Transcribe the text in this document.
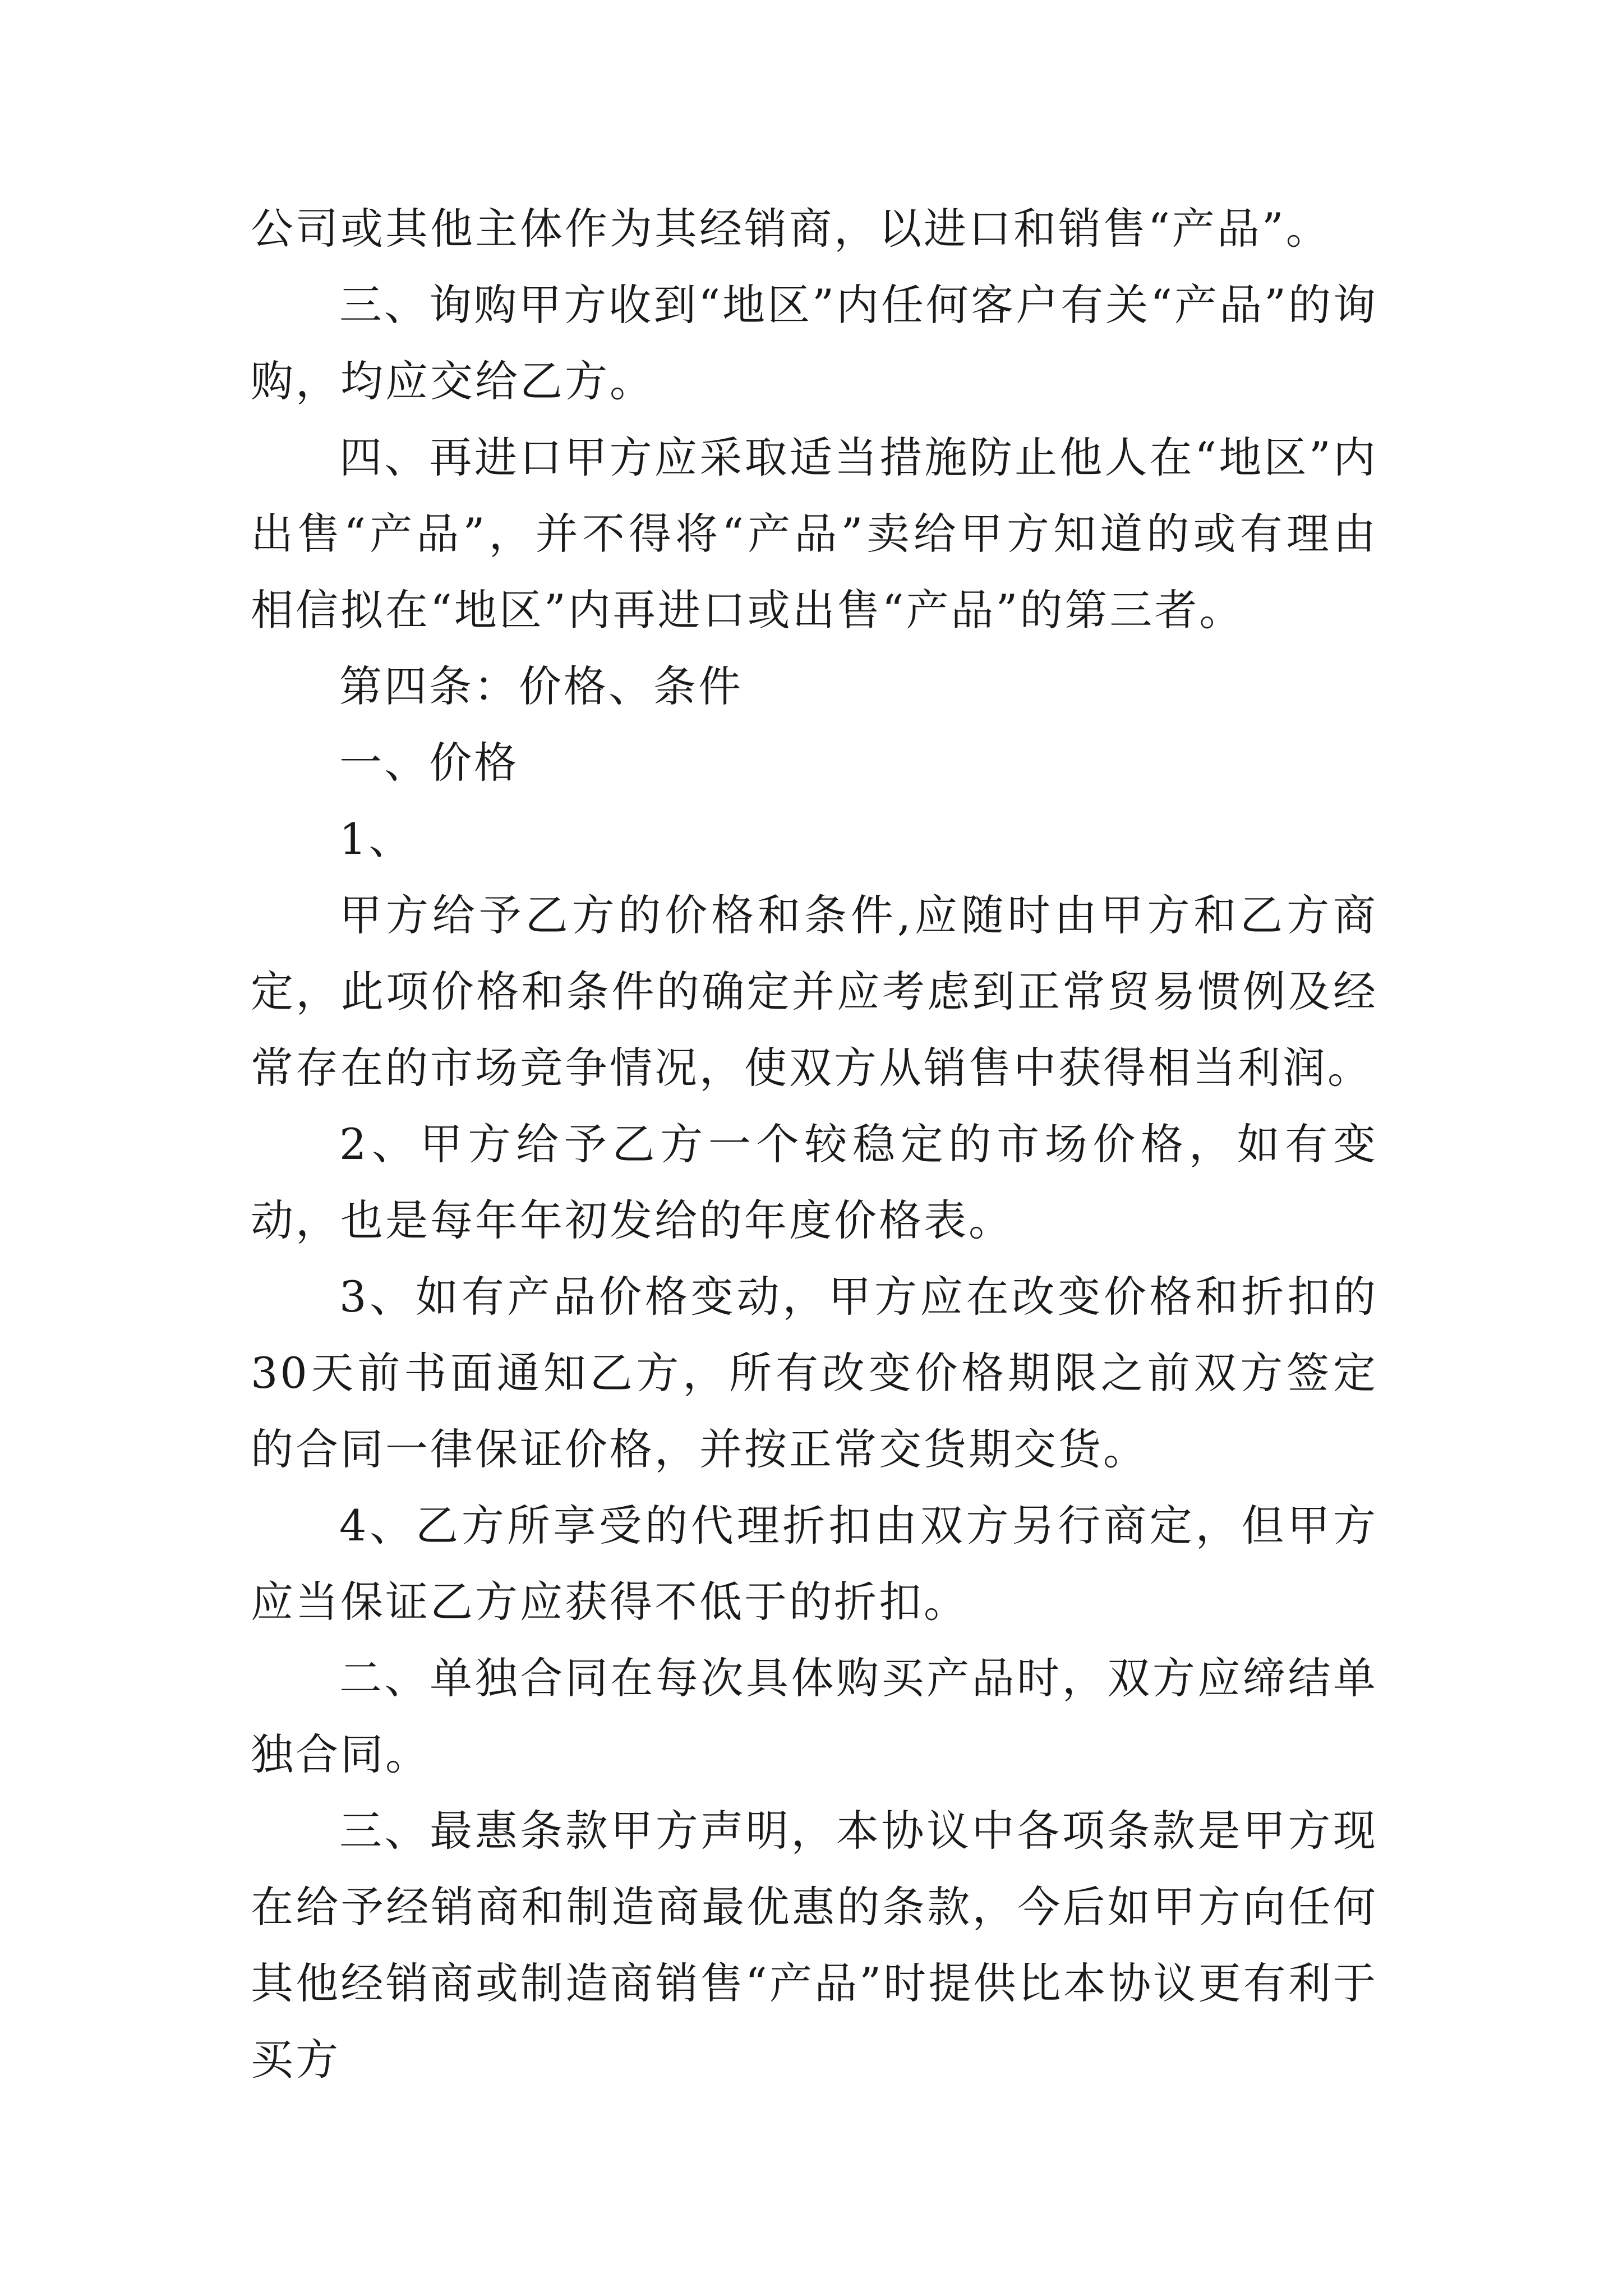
公司或其他主体作为其经销商，以进口和销售“产品”。

三、询购甲方收到“地区”内任何客户有关“产品”的询购，均应交给乙方。

四、再进口甲方应采取适当措施防止他人在“地区”内出售“产品”，并不得将“产品”卖给甲方知道的或有理由相信拟在“地区”内再进口或出售“产品”的第三者。

第四条：价格、条件

一、价格

1、

甲方给予乙方的价格和条件,应随时由甲方和乙方商定，此项价格和条件的确定并应考虑到正常贸易惯例及经常存在的市场竞争情况，使双方从销售中获得相当利润。

2、甲方给予乙方一个较稳定的市场价格，如有变动，也是每年年初发给的年度价格表。

3、如有产品价格变动，甲方应在改变价格和折扣的30天前书面通知乙方，所有改变价格期限之前双方签定的合同一律保证价格，并按正常交货期交货。

4、乙方所享受的代理折扣由双方另行商定，但甲方应当保证乙方应获得不低于的折扣。

二、单独合同在每次具体购买产品时，双方应缔结单独合同。

三、最惠条款甲方声明，本协议中各项条款是甲方现在给予经销商和制造商最优惠的条款，今后如甲方向任何其他经销商或制造商销售“产品”时提供比本协议更有利于买方
